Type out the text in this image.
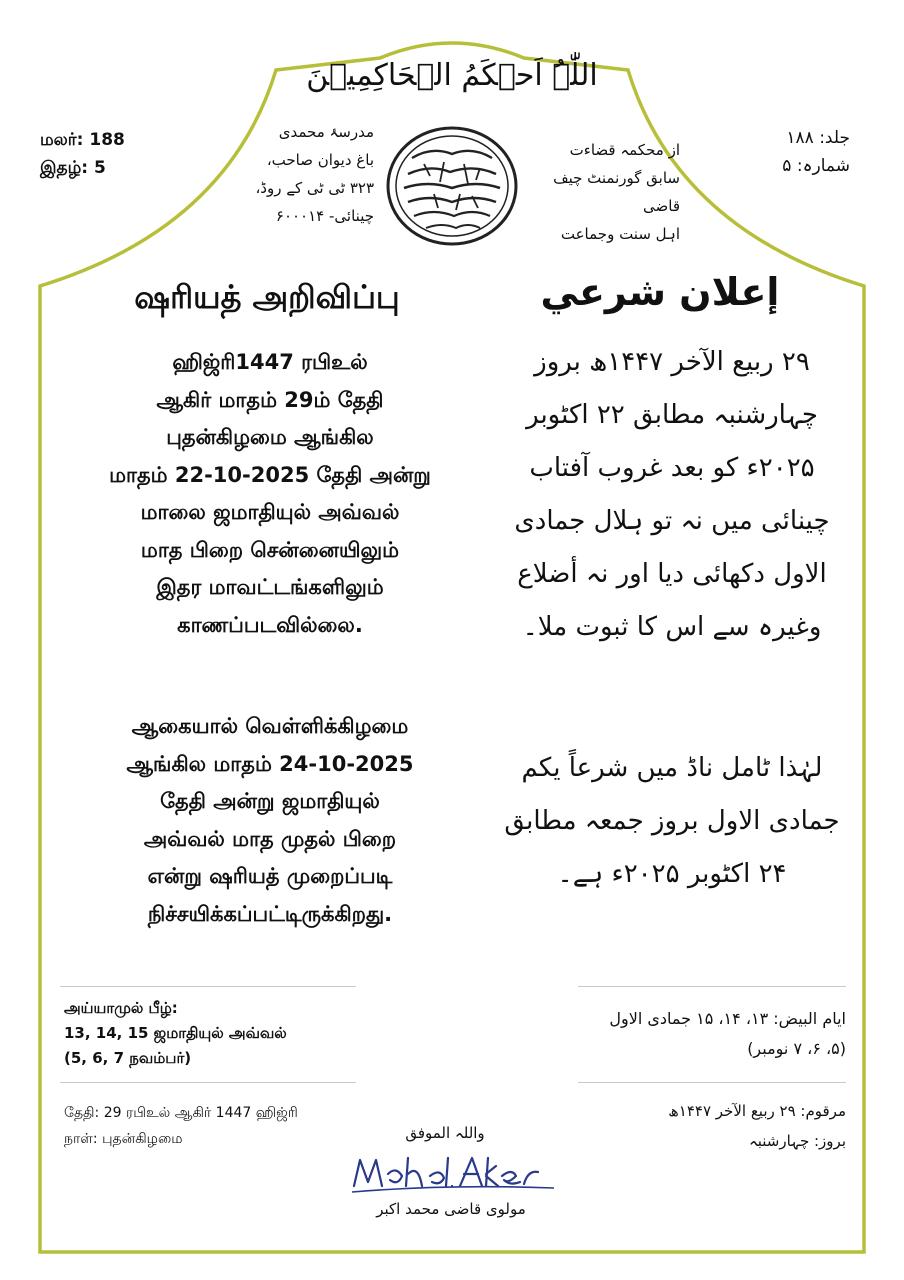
اللّٰہُ اَحۡکَمُ الۡحَاکِمِیۡنَ
மலர்: 188
இதழ்: 5
جلد: ۱۸۸
شمارہ: ۵
مدرسۂ محمدی
باغ دیوان صاحب،
۳۲۳ ٹی ٹی کے روڈ،
چینائی- ۶۰۰۰۱۴
از محکمہ قضاءت
سابق گورنمنٹ چیف قاضی
اہل سنت وجماعت
ஷரியத் அறிவிப்பு	إعلان شرعي
ஹிஜ்ரி1447 ரபிஉல்
ஆகிர் மாதம் 29ம் தேதி
புதன்கிழமை ஆங்கில
மாதம் 22-10-2025 தேதி அன்று
மாலை ஜமாதியுல் அவ்வல்
மாத பிறை சென்னையிலும்
இதர மாவட்டங்களிலும்
காணப்படவில்லை.
ஆகையால் வெள்ளிக்கிழமை
ஆங்கில மாதம் 24-10-2025
தேதி அன்று ஜமாதியுல்
அவ்வல் மாத முதல் பிறை
என்று ஷரியத் முறைப்படி
நிச்சயிக்கப்பட்டிருக்கிறது.
۲۹ ربیع الآخر ۱۴۴۷ھ بروز
چہارشنبہ مطابق ۲۲ اکٹوبر
۲۰۲۵ء کو بعد غروب آفتاب
چینائی میں نہ تو ہلال جمادی
الاول دکھائی دیا اور نہ أضلاع
وغیرہ سے اس کا ثبوت ملا۔
لہٰذا ٹامل ناڈ میں شرعاً یکم
جمادی الاول بروز جمعہ مطابق
۲۴ اکٹوبر ۲۰۲۵ء ہے۔
அய்யாமுல் பீழ்:
13, 14, 15 ஜமாதியுல் அவ்வல்
(5, 6, 7 நவம்பர்)
ایام البیض: ۱۳، ۱۴، ۱۵ جمادی الاول
(۵، ۶، ۷ نومبر)
தேதி: 29 ரபிஉல் ஆகிர் 1447 ஹிஜ்ரி
நாள்: புதன்கிழமை
مرقوم: ۲۹ ربیع الآخر ۱۴۴۷ھ
بروز: چہارشنبہ
واللہ الموفق
مولوی قاضی محمد اکبر
